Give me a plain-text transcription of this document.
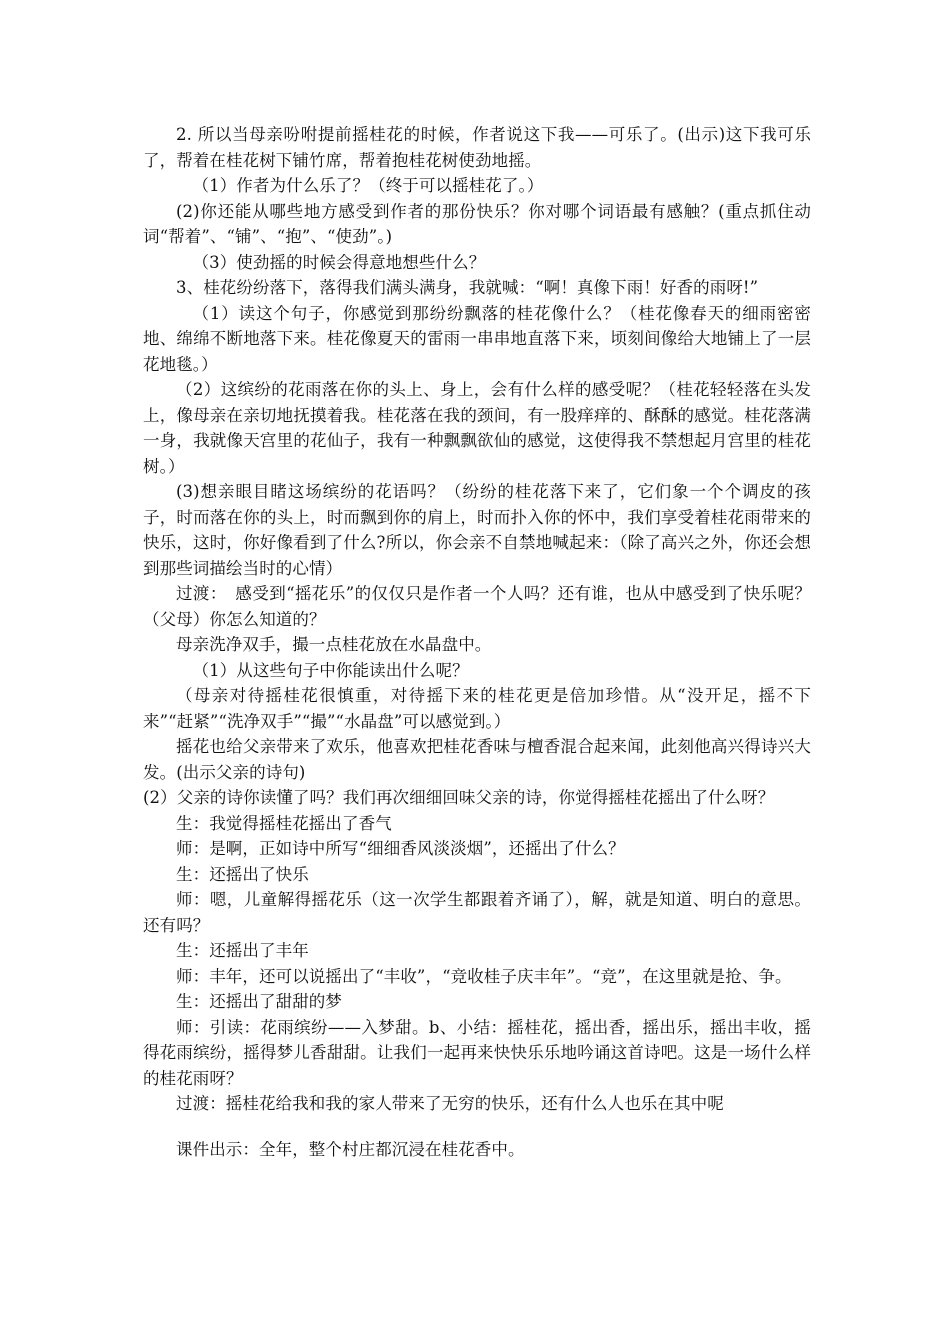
2. 所以当母亲吩咐提前摇桂花的时候，作者说这下我——可乐了。(出示)这下我可乐了，帮着在桂花树下铺竹席，帮着抱桂花树使劲地摇。

（1）作者为什么乐了？（终于可以摇桂花了。）

(2)你还能从哪些地方感受到作者的那份快乐？你对哪个词语最有感触？(重点抓住动词“帮着”、“铺”、“抱”、“使劲”。)

（3）使劲摇的时候会得意地想些什么？

3、桂花纷纷落下，落得我们满头满身，我就喊：“啊！真像下雨！好香的雨呀!”

（1）读这个句子，你感觉到那纷纷飘落的桂花像什么？（桂花像春天的细雨密密地、绵绵不断地落下来。桂花像夏天的雷雨一串串地直落下来，顷刻间像给大地铺上了一层花地毯。）

（2）这缤纷的花雨落在你的头上、身上，会有什么样的感受呢？（桂花轻轻落在头发上，像母亲在亲切地抚摸着我。桂花落在我的颈间，有一股痒痒的、酥酥的感觉。桂花落满一身，我就像天宫里的花仙子，我有一种飘飘欲仙的感觉，这使得我不禁想起月宫里的桂花树。）

(3)想亲眼目睹这场缤纷的花语吗？（纷纷的桂花落下来了，它们象一个个调皮的孩子，时而落在你的头上，时而飘到你的肩上，时而扑入你的怀中，我们享受着桂花雨带来的快乐，这时，你好像看到了什么?所以，你会亲不自禁地喊起来：（除了高兴之外，你还会想到那些词描绘当时的心情）

过渡：　感受到“摇花乐”的仅仅只是作者一个人吗？还有谁，也从中感受到了快乐呢？（父母）你怎么知道的？

母亲洗净双手，撮一点桂花放在水晶盘中。

（1）从这些句子中你能读出什么呢？

（母亲对待摇桂花很慎重，对待摇下来的桂花更是倍加珍惜。从“没开足，摇不下来”“赶紧”“洗净双手”“撮”“水晶盘”可以感觉到。）

摇花也给父亲带来了欢乐，他喜欢把桂花香味与檀香混合起来闻，此刻他高兴得诗兴大发。(出示父亲的诗句)

(2）父亲的诗你读懂了吗？我们再次细细回味父亲的诗，你觉得摇桂花摇出了什么呀？

生：我觉得摇桂花摇出了香气

师：是啊，正如诗中所写“细细香风淡淡烟”，还摇出了什么？

生：还摇出了快乐

师：嗯，儿童解得摇花乐（这一次学生都跟着齐诵了），解，就是知道、明白的意思。还有吗？

生：还摇出了丰年

师：丰年，还可以说摇出了“丰收”，“竞收桂子庆丰年”。“竞”，在这里就是抢、争。

生：还摇出了甜甜的梦

师：引读：花雨缤纷——入梦甜。b、小结：摇桂花，摇出香，摇出乐，摇出丰收，摇得花雨缤纷，摇得梦儿香甜甜。让我们一起再来快快乐乐地吟诵这首诗吧。这是一场什么样的桂花雨呀？

过渡：摇桂花给我和我的家人带来了无穷的快乐，还有什么人也乐在其中呢

课件出示：全年，整个村庄都沉浸在桂花香中。
